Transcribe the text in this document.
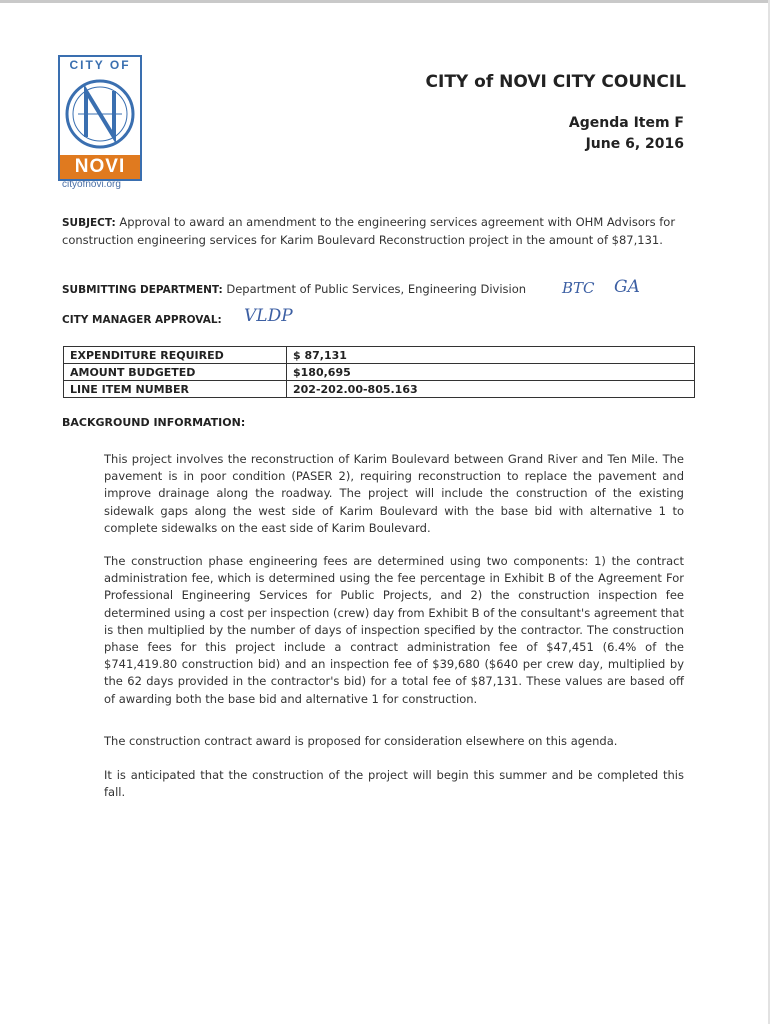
CITY OF
NOVI
cityofnovi.org
CITY of NOVI CITY COUNCIL
Agenda Item F
June 6, 2016
SUBJECT: Approval to award an amendment to the engineering services agreement with OHM Advisors for construction engineering services for Karim Boulevard Reconstruction project in the amount of $87,131.
SUBMITTING DEPARTMENT: Department of Public Services, Engineering Division BTC GA
CITY MANAGER APPROVAL: VLDP
EXPENDITURE REQUIRED	$ 87,131
AMOUNT BUDGETED	$180,695
LINE ITEM NUMBER	202-202.00-805.163
BACKGROUND INFORMATION:
This project involves the reconstruction of Karim Boulevard between Grand River and Ten Mile. The pavement is in poor condition (PASER 2), requiring reconstruction to replace the pavement and improve drainage along the roadway. The project will include the construction of the existing sidewalk gaps along the west side of Karim Boulevard with the base bid with alternative 1 to complete sidewalks on the east side of Karim Boulevard.
The construction phase engineering fees are determined using two components: 1) the contract administration fee, which is determined using the fee percentage in Exhibit B of the Agreement For Professional Engineering Services for Public Projects, and 2) the construction inspection fee determined using a cost per inspection (crew) day from Exhibit B of the consultant's agreement that is then multiplied by the number of days of inspection specified by the contractor. The construction phase fees for this project include a contract administration fee of $47,451 (6.4% of the $741,419.80 construction bid) and an inspection fee of $39,680 ($640 per crew day, multiplied by the 62 days provided in the contractor's bid) for a total fee of $87,131. These values are based off of awarding both the base bid and alternative 1 for construction.
The construction contract award is proposed for consideration elsewhere on this agenda.
It is anticipated that the construction of the project will begin this summer and be completed this fall.
